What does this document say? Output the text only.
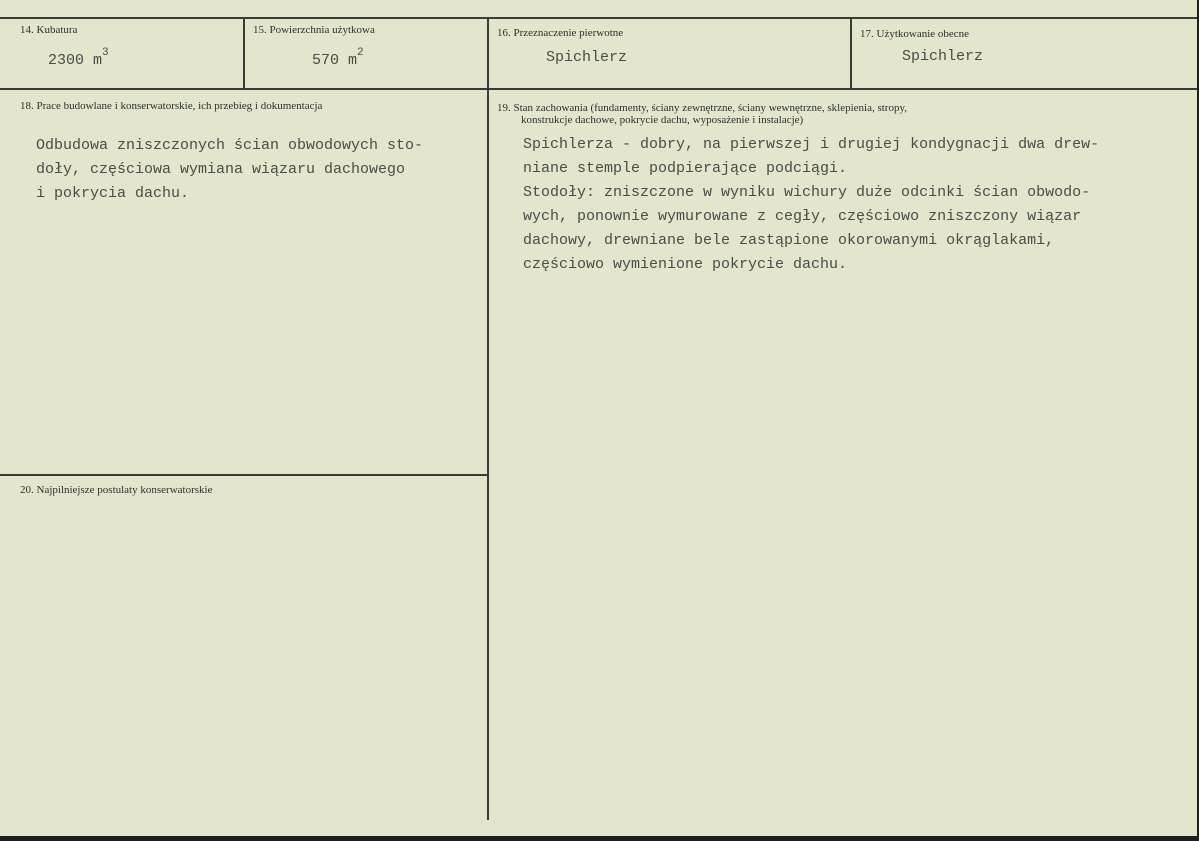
14. Kubatura
2300 $m^3$
15. Powierzchnia użytkowa
570 $m^2$
16. Przeznaczenie pierwotne
Spichlerz
17. Użytkowanie obecne
Spichlerz
18. Prace budowlane i konserwatorskie, ich przebieg i dokumentacja
Odbudowa zniszczonych ścian obwodowych sto-
doły, częściowa wymiana wiązaru dachowego
i pokrycia dachu.
19. Stan zachowania (fundamenty, ściany zewnętrzne, ściany wewnętrzne, sklepienia, stropy,
konstrukcje dachowe, pokrycie dachu, wyposażenie i instalacje)
Spichlerza - dobry, na pierwszej i drugiej kondygnacji dwa drew-
niane stemple podpierające podciągi.
Stodoły: zniszczone w wyniku wichury duże odcinki ścian obwodo-
wych, ponownie wymurowane z cegły, częściowo zniszczony wiązar
dachowy, drewniane bele zastąpione okorowanymi okrąglakami,
częściowo wymienione pokrycie dachu.
20. Najpilniejsze postulaty konserwatorskie
